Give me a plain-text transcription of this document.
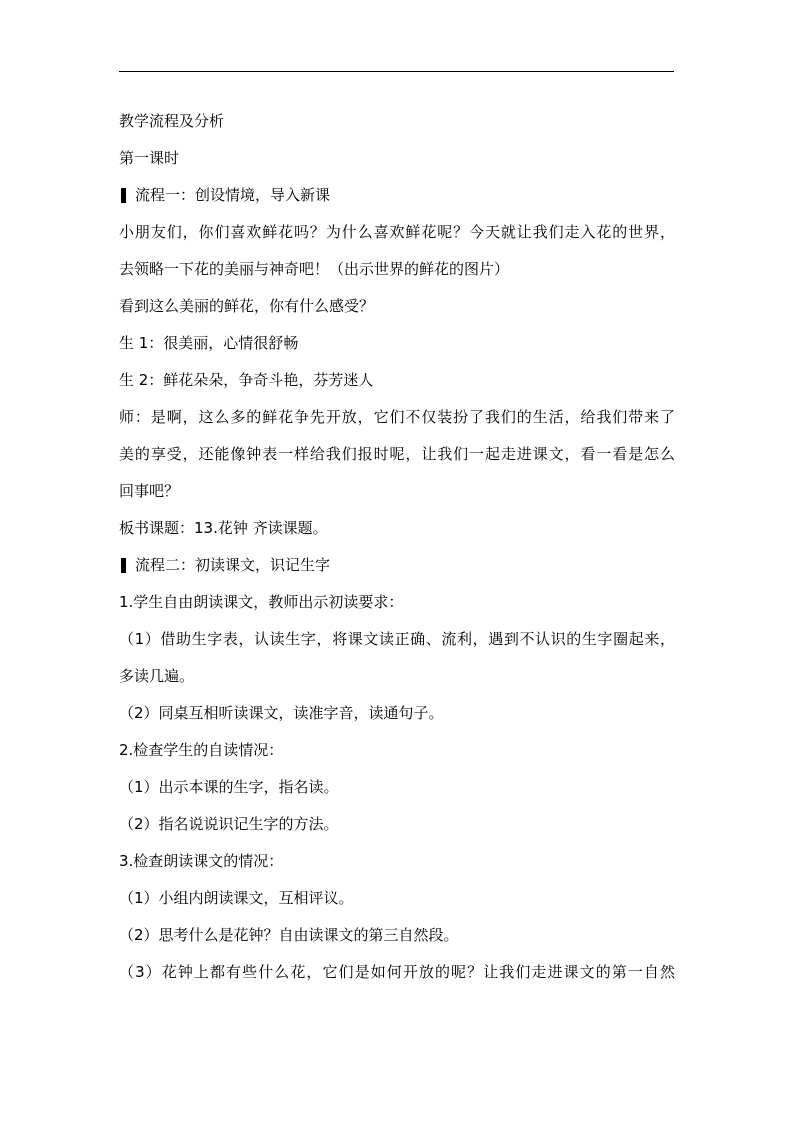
教学流程及分析
第一课时
流程一：创设情境，导入新课
小朋友们，你们喜欢鲜花吗？为什么喜欢鲜花呢？今天就让我们走入花的世界，
去领略一下花的美丽与神奇吧！（出示世界的鲜花的图片）
看到这么美丽的鲜花，你有什么感受？
生 1：很美丽，心情很舒畅
生 2：鲜花朵朵，争奇斗艳，芬芳迷人
师：是啊，这么多的鲜花争先开放，它们不仅装扮了我们的生活，给我们带来了
美的享受，还能像钟表一样给我们报时呢，让我们一起走进课文，看一看是怎么
回事吧？
板书课题：13.花钟 齐读课题。
流程二：初读课文，识记生字
1.学生自由朗读课文，教师出示初读要求：
（1）借助生字表，认读生字，将课文读正确、流利，遇到不认识的生字圈起来，
多读几遍。
（2）同桌互相听读课文，读准字音，读通句子。
2.检查学生的自读情况：
（1）出示本课的生字，指名读。
（2）指名说说识记生字的方法。
3.检查朗读课文的情况：
（1）小组内朗读课文，互相评议。
（2）思考什么是花钟？自由读课文的第三自然段。
（3）花钟上都有些什么花，它们是如何开放的呢？让我们走进课文的第一自然
